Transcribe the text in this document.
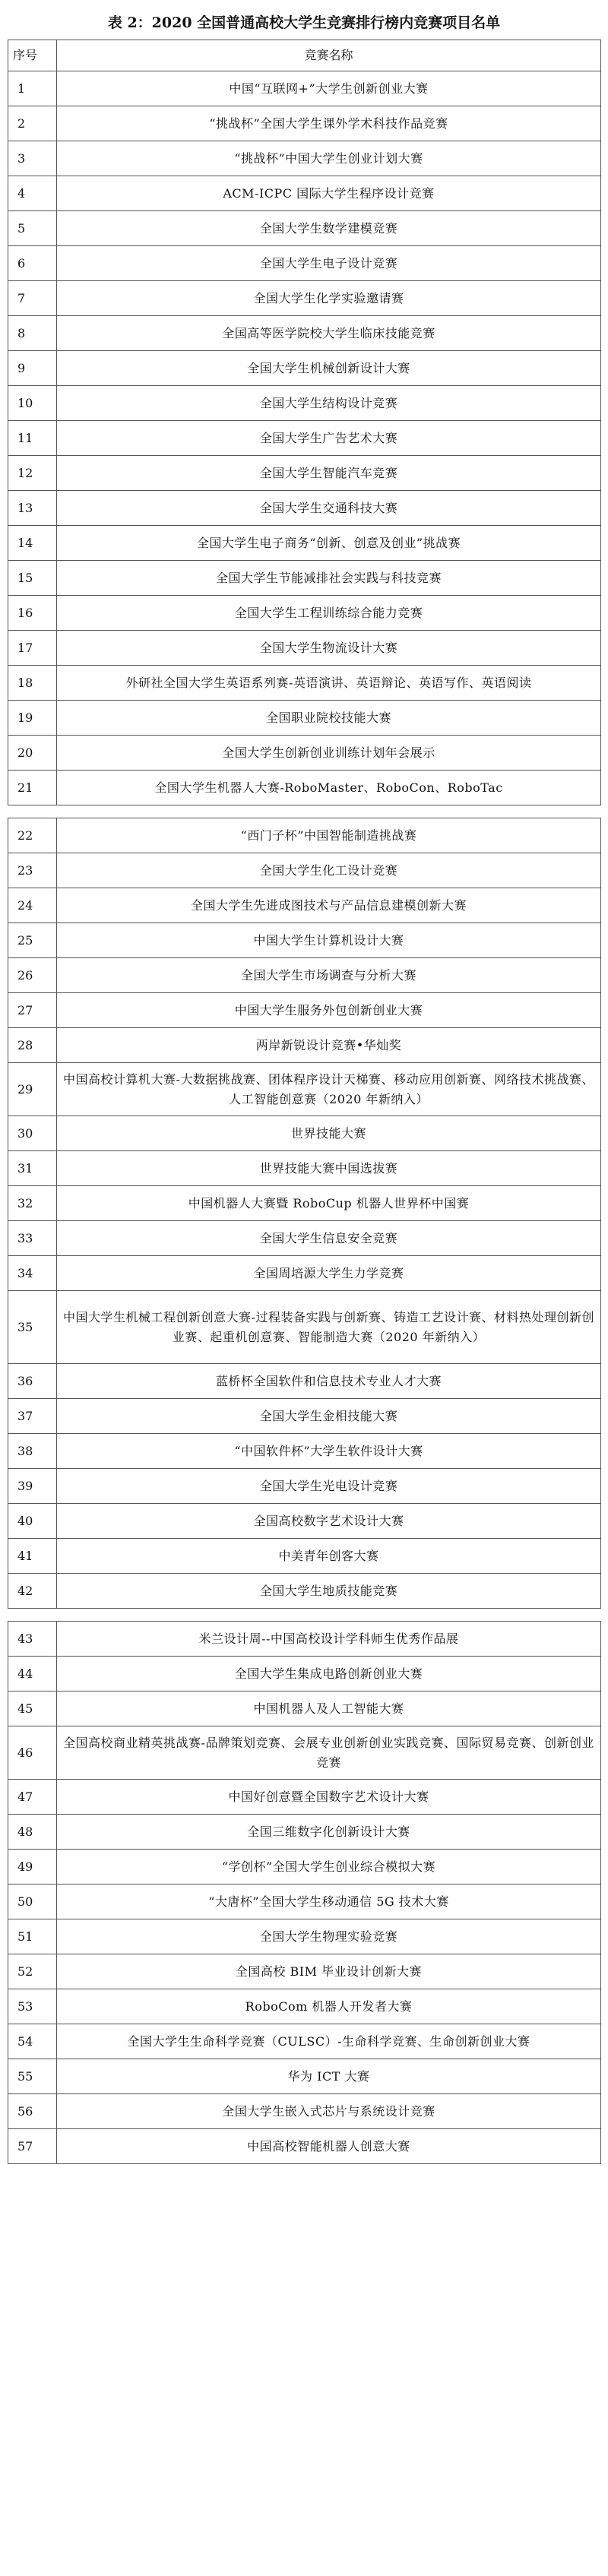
表 2：2020 全国普通高校大学生竞赛排行榜内竞赛项目名单
序号	竞赛名称
1	中国“互联网+”大学生创新创业大赛
2	“挑战杯”全国大学生课外学术科技作品竞赛
3	“挑战杯”中国大学生创业计划大赛
4	ACM-ICPC 国际大学生程序设计竞赛
5	全国大学生数学建模竞赛
6	全国大学生电子设计竞赛
7	全国大学生化学实验邀请赛
8	全国高等医学院校大学生临床技能竞赛
9	全国大学生机械创新设计大赛
10	全国大学生结构设计竞赛
11	全国大学生广告艺术大赛
12	全国大学生智能汽车竞赛
13	全国大学生交通科技大赛
14	全国大学生电子商务“创新、创意及创业”挑战赛
15	全国大学生节能减排社会实践与科技竞赛
16	全国大学生工程训练综合能力竞赛
17	全国大学生物流设计大赛
18	外研社全国大学生英语系列赛-英语演讲、英语辩论、英语写作、英语阅读
19	全国职业院校技能大赛
20	全国大学生创新创业训练计划年会展示
21	全国大学生机器人大赛-RoboMaster、RoboCon、RoboTac
22	“西门子杯”中国智能制造挑战赛
23	全国大学生化工设计竞赛
24	全国大学生先进成图技术与产品信息建模创新大赛
25	中国大学生计算机设计大赛
26	全国大学生市场调查与分析大赛
27	中国大学生服务外包创新创业大赛
28	两岸新锐设计竞赛•华灿奖
29	中国高校计算机大赛-大数据挑战赛、团体程序设计天梯赛、移动应用创新赛、网络技术挑战赛、人工智能创意赛（2020 年新纳入）
30	世界技能大赛
31	世界技能大赛中国选拔赛
32	中国机器人大赛暨 RoboCup 机器人世界杯中国赛
33	全国大学生信息安全竞赛
34	全国周培源大学生力学竞赛
35	中国大学生机械工程创新创意大赛-过程装备实践与创新赛、铸造工艺设计赛、材料热处理创新创业赛、起重机创意赛、智能制造大赛（2020 年新纳入）
36	蓝桥杯全国软件和信息技术专业人才大赛
37	全国大学生金相技能大赛
38	“中国软件杯”大学生软件设计大赛
39	全国大学生光电设计竞赛
40	全国高校数字艺术设计大赛
41	中美青年创客大赛
42	全国大学生地质技能竞赛
43	米兰设计周--中国高校设计学科师生优秀作品展
44	全国大学生集成电路创新创业大赛
45	中国机器人及人工智能大赛
46	全国高校商业精英挑战赛-品牌策划竞赛、会展专业创新创业实践竞赛、国际贸易竞赛、创新创业竞赛
47	中国好创意暨全国数字艺术设计大赛
48	全国三维数字化创新设计大赛
49	“学创杯”全国大学生创业综合模拟大赛
50	“大唐杯”全国大学生移动通信 5G 技术大赛
51	全国大学生物理实验竞赛
52	全国高校 BIM 毕业设计创新大赛
53	RoboCom 机器人开发者大赛
54	全国大学生生命科学竞赛（CULSC）-生命科学竞赛、生命创新创业大赛
55	华为 ICT 大赛
56	全国大学生嵌入式芯片与系统设计竞赛
57	中国高校智能机器人创意大赛
